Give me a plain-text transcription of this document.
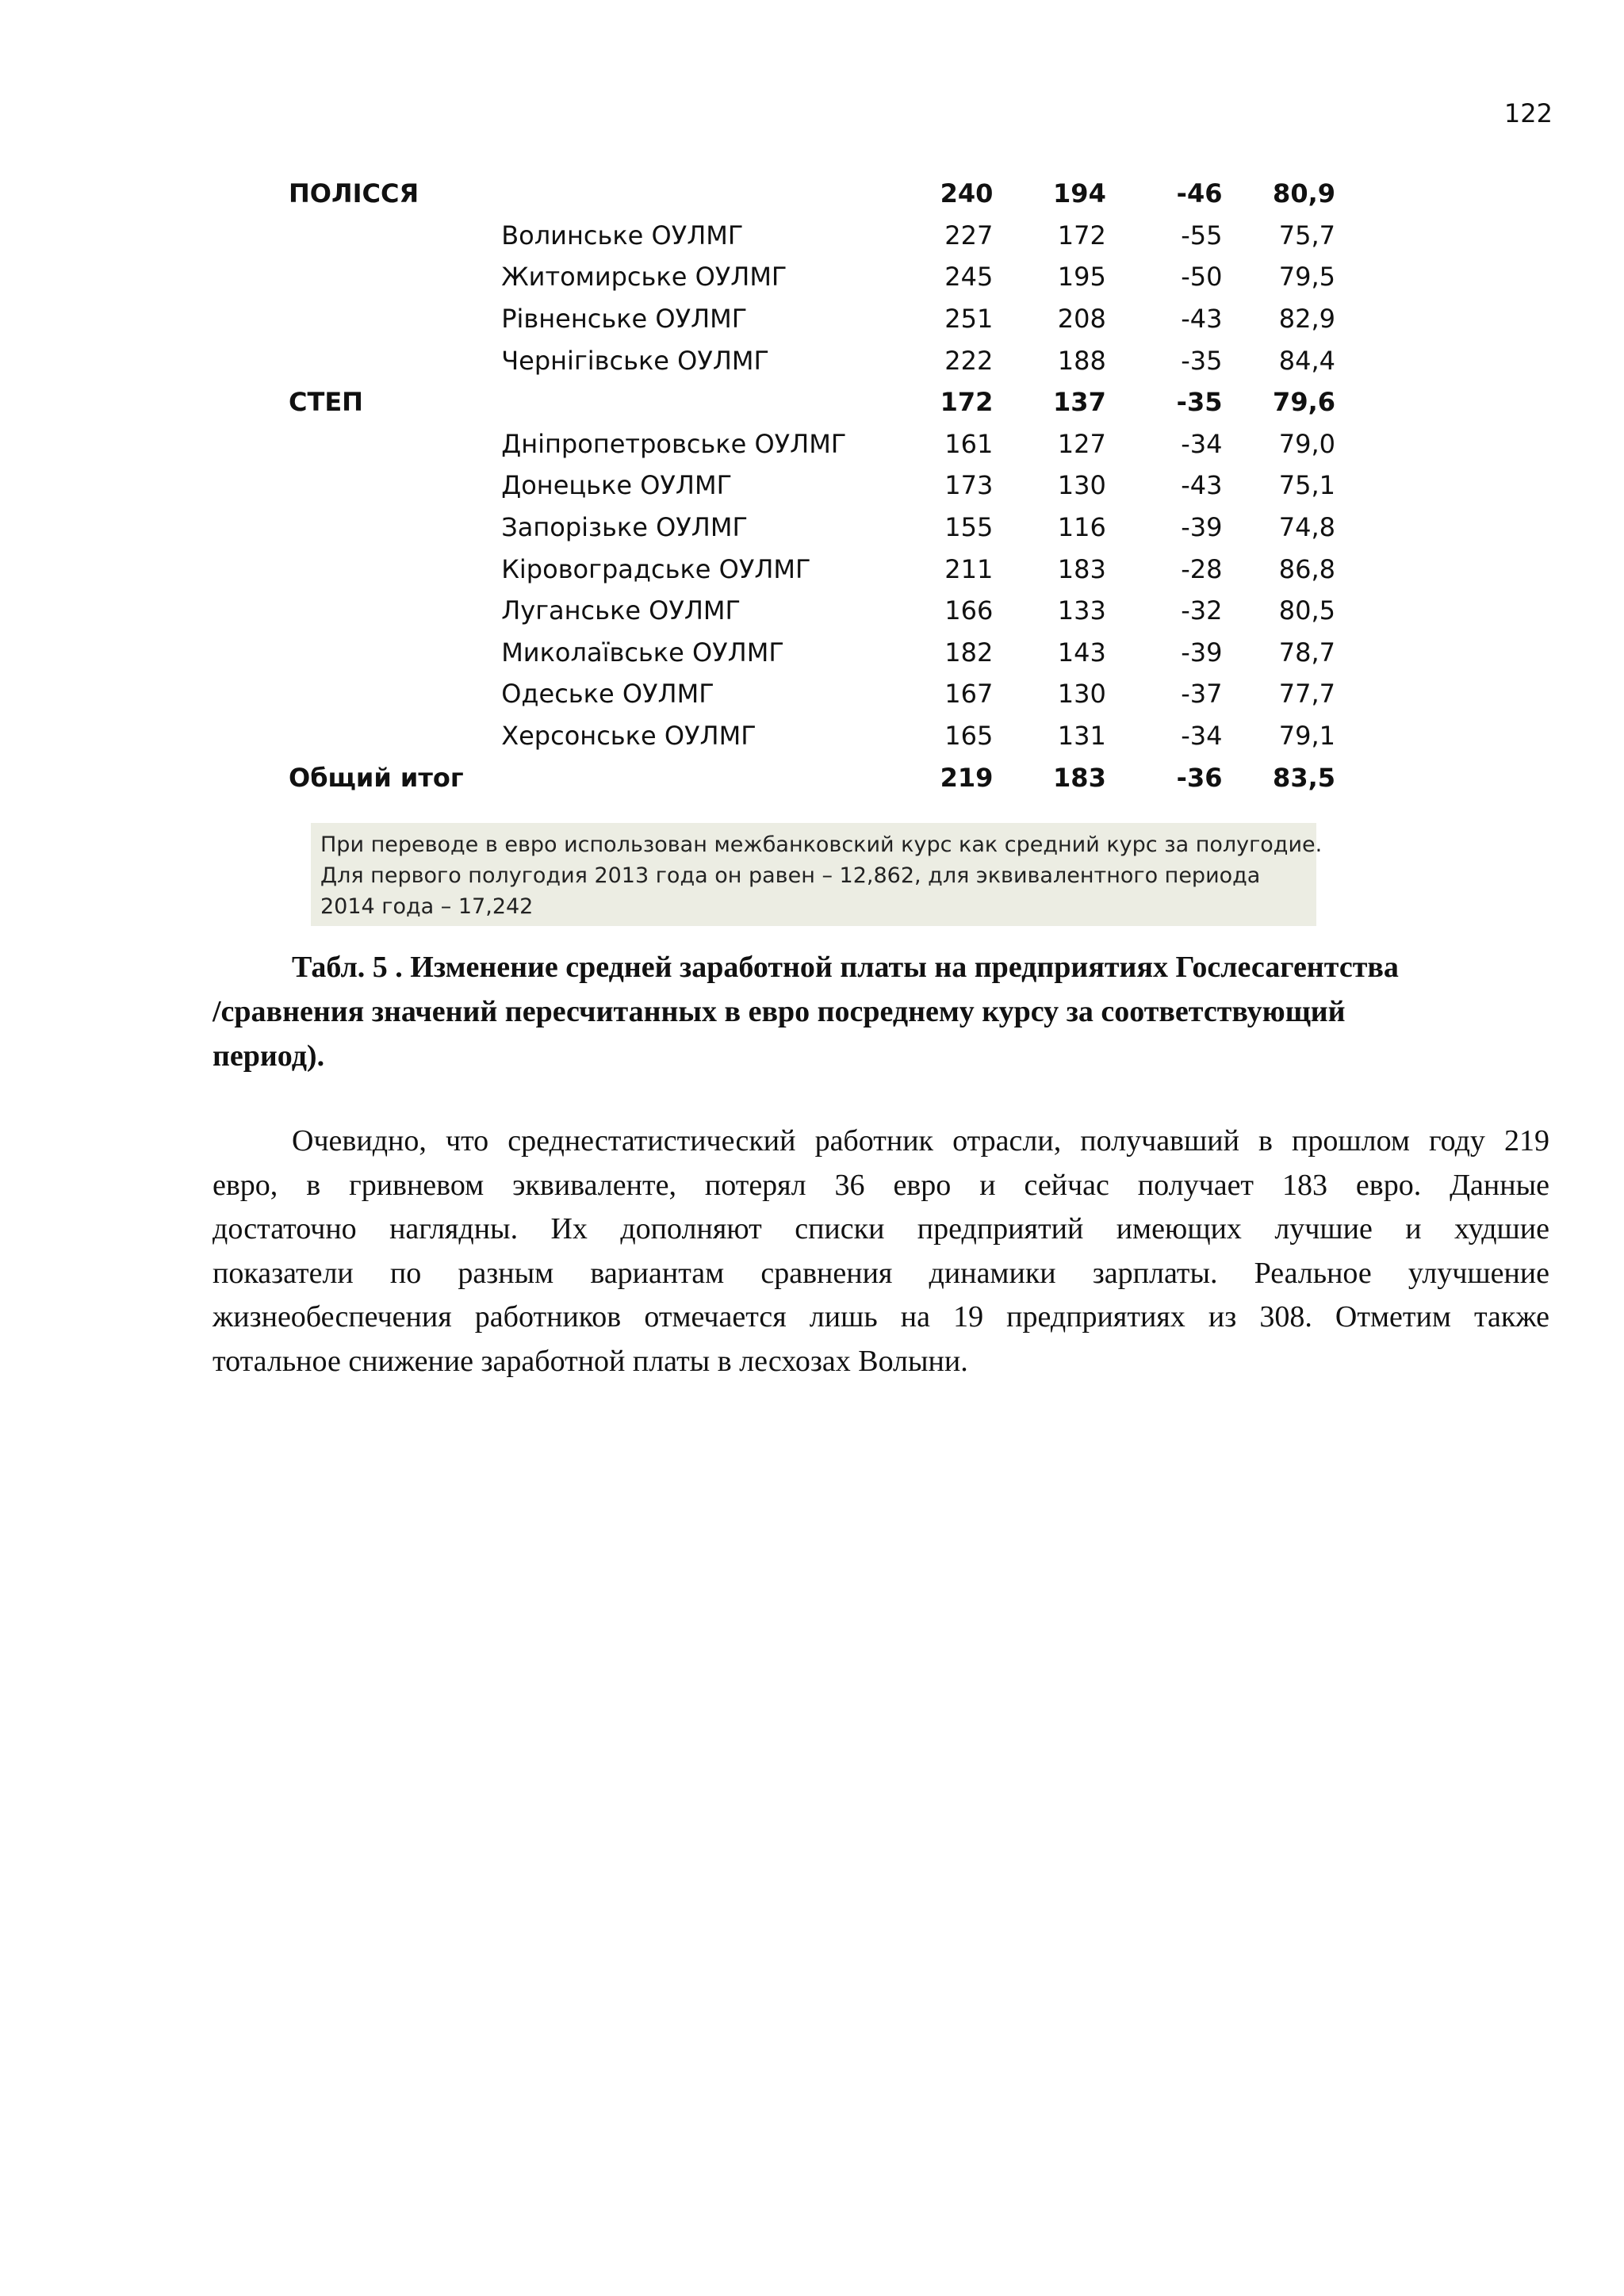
122
ПОЛІССЯ		240	194	-46	80,9
	Волинське ОУЛМГ	227	172	-55	75,7
	Житомирське ОУЛМГ	245	195	-50	79,5
	Рівненське ОУЛМГ	251	208	-43	82,9
	Чернігівське ОУЛМГ	222	188	-35	84,4
СТЕП		172	137	-35	79,6
	Дніпропетровське ОУЛМГ	161	127	-34	79,0
	Донецьке ОУЛМГ	173	130	-43	75,1
	Запорізьке ОУЛМГ	155	116	-39	74,8
	Кіровоградське ОУЛМГ	211	183	-28	86,8
	Луганське ОУЛМГ	166	133	-32	80,5
	Миколаївське ОУЛМГ	182	143	-39	78,7
	Одеське ОУЛМГ	167	130	-37	77,7
	Херсонське ОУЛМГ	165	131	-34	79,1
Общий итог		219	183	-36	83,5
При переводе в евро использован межбанковский курс как средний курс за полугодие.
Для первого полугодия 2013 года он равен – 12,862, для эквивалентного периода
2014 года – 17,242
Табл. 5 . Изменение средней заработной платы на предприятиях Гослесагентства
/сравнения значений пересчитанных в евро посреднему курсу за соответствующий
период).
Очевидно, что среднестатистический работник отрасли, получавший в прошлом году 219
евро, в гривневом эквиваленте, потерял 36 евро и сейчас получает 183 евро. Данные
достаточно наглядны. Их дополняют списки предприятий имеющих лучшие и худшие
показатели по разным вариантам сравнения динамики зарплаты. Реальное улучшение
жизнеобеспечения работников отмечается лишь на 19 предприятиях из 308. Отметим также
тотальное снижение заработной платы в лесхозах Волыни.
